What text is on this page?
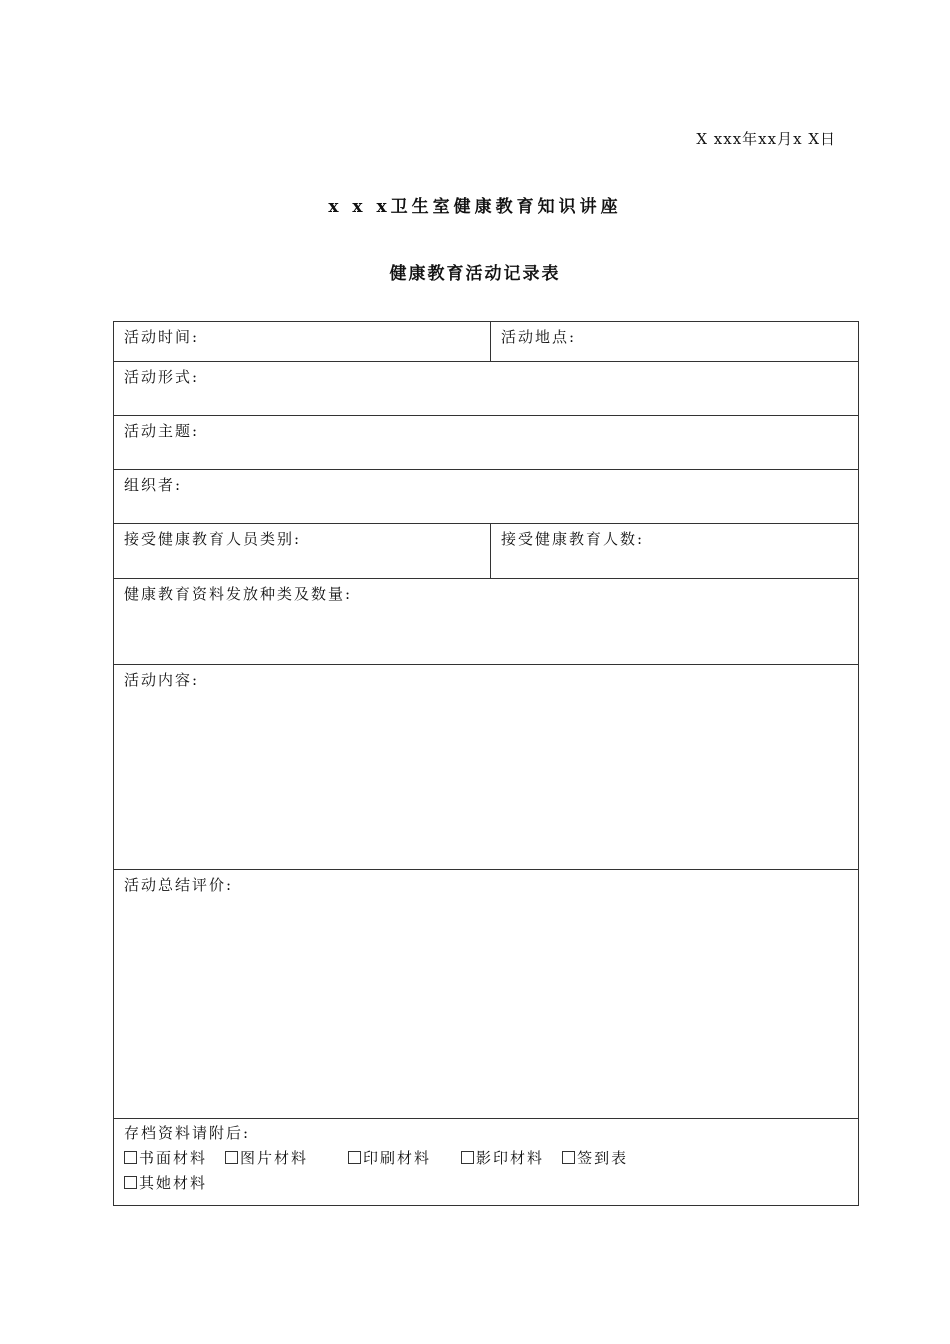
X xxx年xx月x X日
x x x卫生室健康教育知识讲座
健康教育活动记录表
活动时间:	活动地点:
活动形式:	
活动主题:	
组织者:	
接受健康教育人员类别:	接受健康教育人数:
健康教育资料发放种类及数量:	
活动内容:	
活动总结评价:	

存档资料请附后:
书面材料 图片材料 印刷材料 影印材料 签到表
其她材料	
